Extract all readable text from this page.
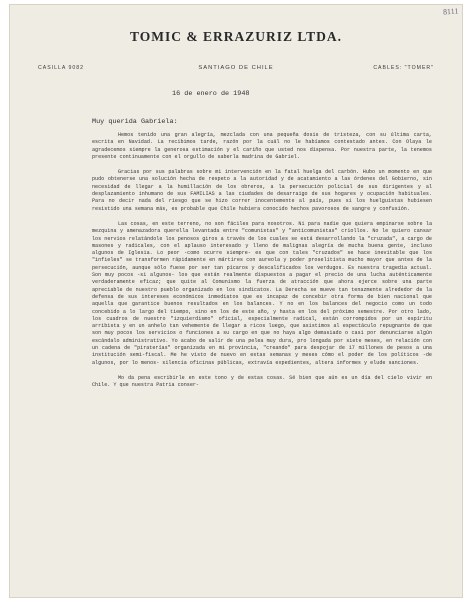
8111
TOMIC & ERRAZURIZ LTDA.
CASILLA 9082	SANTIAGO DE CHILE	CABLES: "TOMER"
16 de enero de 1948
Muy querida Gabriela:

Hemos tenido una gran alegría, mezclada con una pequeña dosis de tristeza, con su última carta, escrita en Navidad. La recibimos tarde, razón por la cuál no le habíamos contestado antes. Con Olaya le agradecemos siempre la generosa estimación y el cariño que usted nos dispensa. Por nuestra parte, la tenemos presente continuamente con el orgullo de saberla madrina de Gabriel.

Gracias por sus palabras sobre mi intervención en la fatal huelga del carbón. Hubo un momento en que pudo obtenerse una solución hecha de respeto a la autoridad y de acatamiento a las órdenes del Gobierno, sin necesidad de llegar a la humillación de los obreros, a la persecución policial de sus dirigentes y al desplazamiento inhumano de sus FAMILIAS a las ciudades de desarraigo de sus hogares y ocupación habituales. Para no decir nada del riesgo que se hizo correr inocentemente al país, pues si los huelguistas hubiesen resistido una semana más, es probable que Chile hubiera conocido hechos pavorosos de sangre y confusión.

Las cosas, en este terreno, no son fáciles para nosotros. Ni para nadie que quiera empinarse sobre la mezquina y amenazadora querella levantada entre "comunistas" y "anticomunistas" criollos. No le quiero cansar los nervios relatándole los penosos giros a través de los cuales se está desarrollando la "cruzada", a cargo de masones y radicales, con el aplauso interesado y lleno de malignas alegría de mucha buena gente, incluso algunos de Iglesia. Lo peor -como ocurre siempre- es que con tales "cruzados" se hace inevitable que los "infieles" se transformen rápidamente en mártires con aureola y poder proselitista mucho mayor que antes de la persecución, aunque sólo fuese por ser tan pícaros y descalificados los verdugos. Es nuestra tragedia actual. Son muy pocos -si algunos- los que están realmente dispuestos a pagar el precio de una lucha auténticamente verdaderamente eficaz; que quite al Comunismo la fuerza de atracción que ahora ejerce sobre una parte apreciable de nuestro pueblo organizado en los sindicatos. La Derecha se mueve tan tenazmente alrededor de la defensa de sus intereses económicos inmediatos que es incapaz de concebir otra forma de bien nacional que aquella que garantice buenos resultados en los balances. Y no en los balances del negocio como un todo concebido a lo largo del tiempo, sino en los de este año, y hasta en los del próximo semestre. Por otro lado, los cuadros de nuestro "izquierdismo" oficial, especialmente radical, están corrompidos por un espíritu arribista y en un anhelo tan vehemente de llegar a ricos luego, que asistimos al espectáculo repugnante de que son muy pocos los servicios o funciones a su cargo en que no haya algo demasiado o casi por denunciarse algún escándalo administrativo. Yo acabo de salir de una pelea muy dura, pro longada por siete meses, en relación con un cadena de "piraterías" organizada en mi provincia, "creando" para despojar de 17 millones de pesos a una institución semi-fiscal. Me he visto de nuevo en estas semanas y meses cómo el poder de los políticos -de algunos, por lo menos- silencia oficinas públicas, extravía expedientes, altera informes y elude sanciones.

Mo da pena escribirle en este tono y de estas cosas. Sé bien que aún es un día del cielo vivir en Chile. Y que nuestra Patria conser-
